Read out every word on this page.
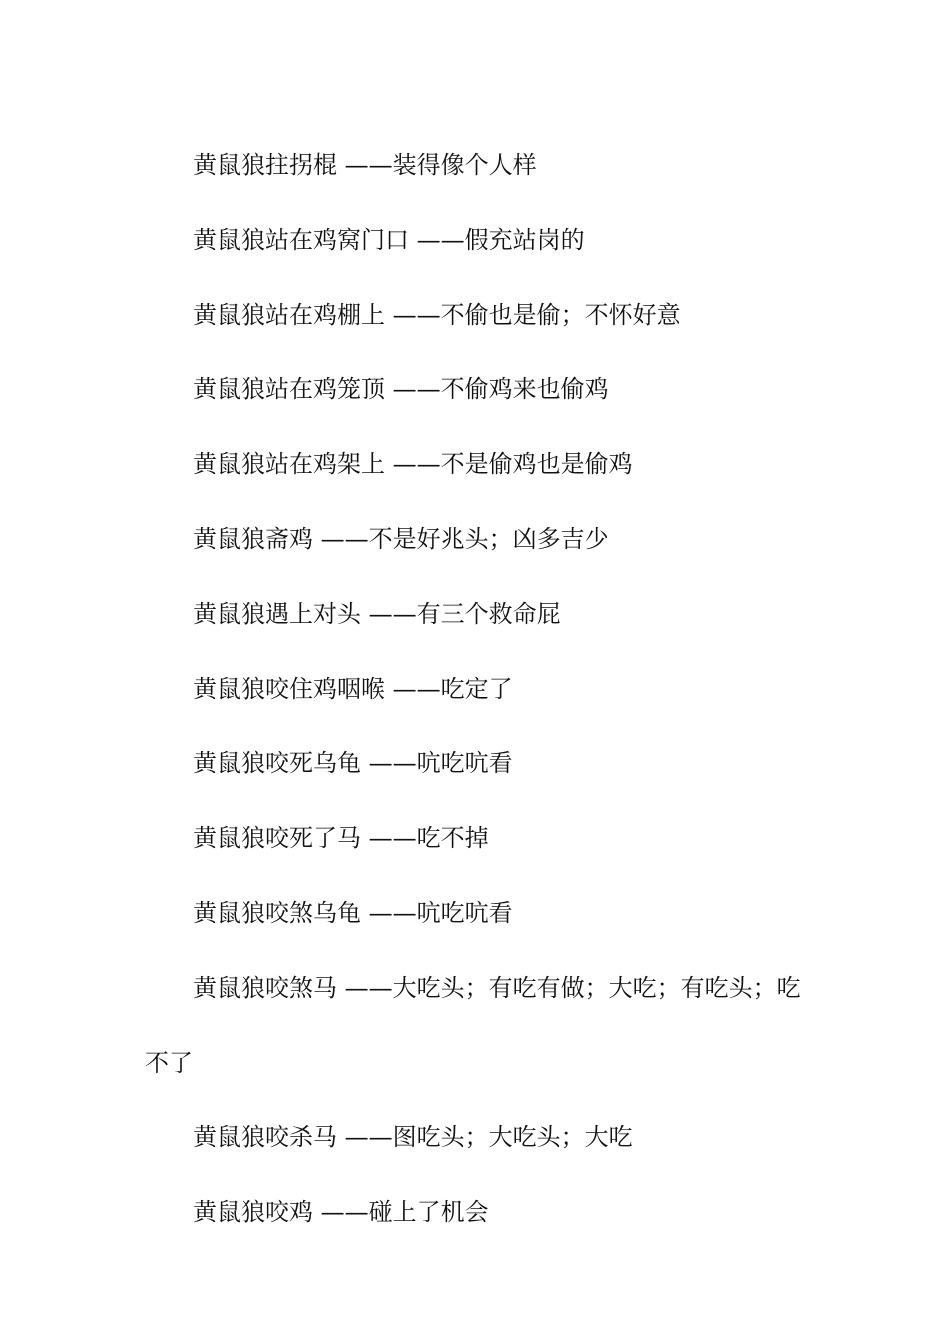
黄鼠狼拄拐棍 ——装得像个人样

黄鼠狼站在鸡窝门口 ——假充站岗的

黄鼠狼站在鸡棚上 ——不偷也是偷；不怀好意

黄鼠狼站在鸡笼顶 ——不偷鸡来也偷鸡

黄鼠狼站在鸡架上 ——不是偷鸡也是偷鸡

黄鼠狼斋鸡 ——不是好兆头；凶多吉少

黄鼠狼遇上对头 ——有三个救命屁

黄鼠狼咬住鸡咽喉 ——吃定了

黄鼠狼咬死乌龟 ——吭吃吭看

黄鼠狼咬死了马 ——吃不掉

黄鼠狼咬煞乌龟 ——吭吃吭看

黄鼠狼咬煞马 ——大吃头；有吃有做；大吃；有吃头；吃不了

黄鼠狼咬杀马 ——图吃头；大吃头；大吃

黄鼠狼咬鸡 ——碰上了机会
